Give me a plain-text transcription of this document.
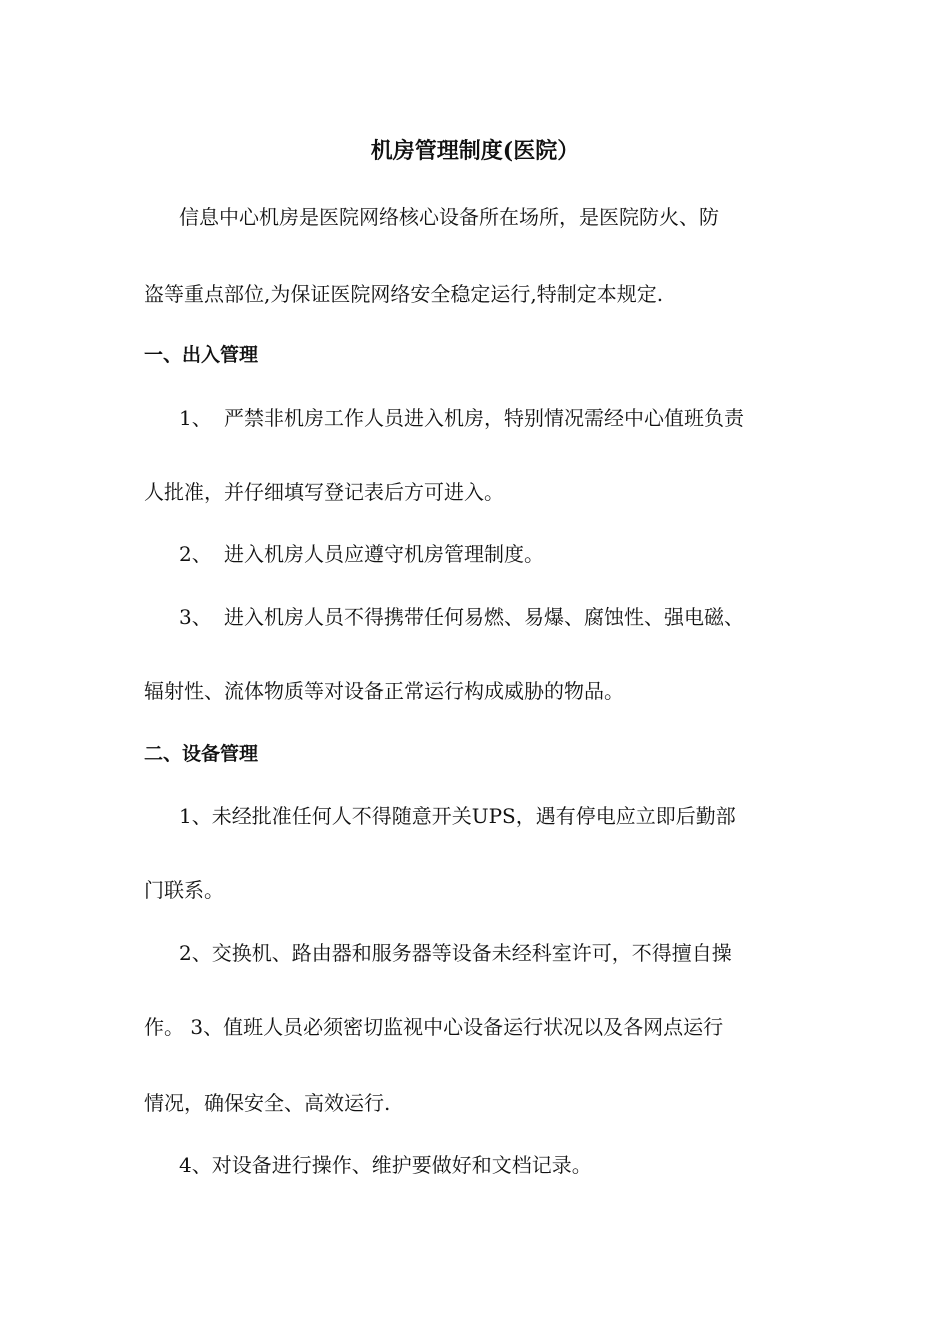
机房管理制度(医院）
信息中心机房是医院网络核心设备所在场所，是医院防火、防
盗等重点部位,为保证医院网络安全稳定运行,特制定本规定.
一、出入管理
1、 严禁非机房工作人员进入机房，特别情况需经中心值班负责
人批准，并仔细填写登记表后方可进入。
2、 进入机房人员应遵守机房管理制度。
3、 进入机房人员不得携带任何易燃、易爆、腐蚀性、强电磁、
辐射性、流体物质等对设备正常运行构成威胁的物品。
二、设备管理
1、未经批准任何人不得随意开关UPS，遇有停电应立即后勤部
门联系。
2、交换机、路由器和服务器等设备未经科室许可，不得擅自操
作。 3、值班人员必须密切监视中心设备运行状况以及各网点运行
情况，确保安全、高效运行.
4、对设备进行操作、维护要做好和文档记录。
